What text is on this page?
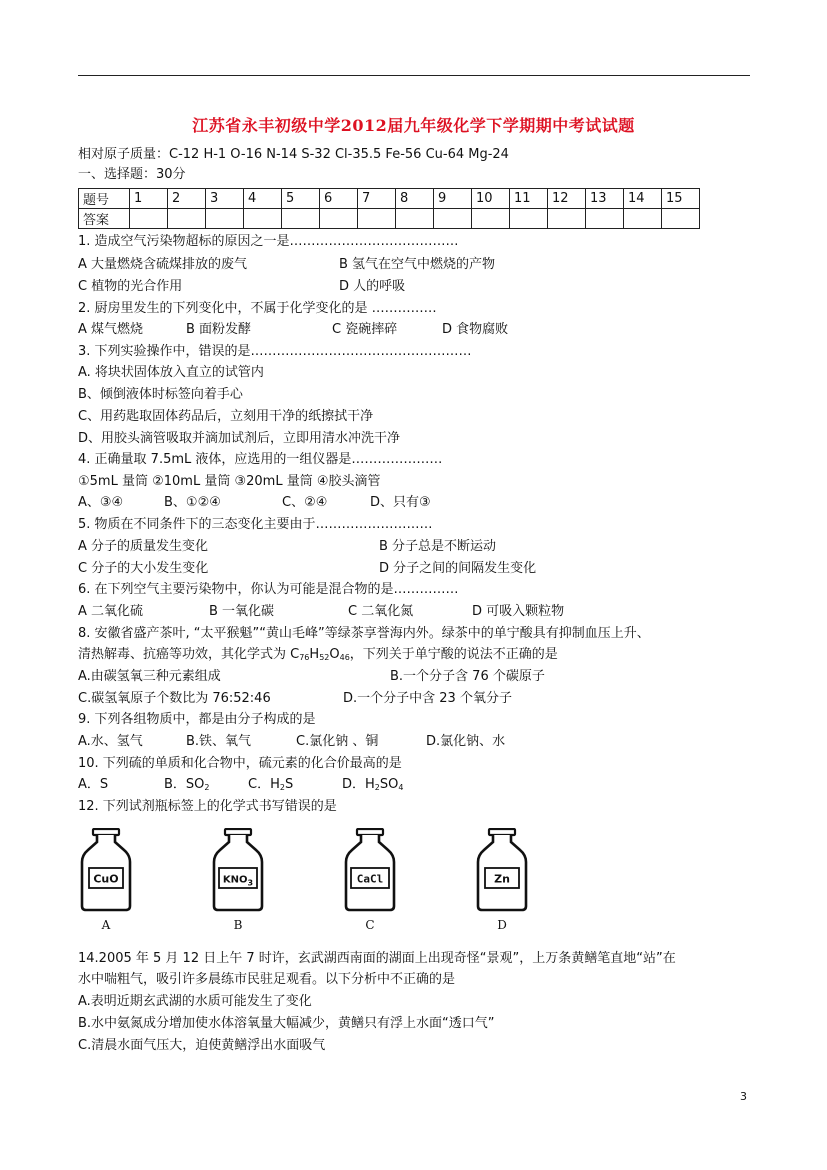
江苏省永丰初级中学2012届九年级化学下学期期中考试试题
相对原子质量：C-12 H-1 O-16 N-14 S-32 Cl-35.5 Fe-56 Cu-64 Mg-24
一、选择题：30分
题号	1	2	3	4	5	6	7	8	9	10	11	12	13	14	15
答案															
1. 造成空气污染物超标的原因之一是…………………………………
A 大量燃烧含硫煤排放的废气	B 氢气在空气中燃烧的产物
C 植物的光合作用	D 人的呼吸
2. 厨房里发生的下列变化中，不属于化学变化的是 ……………
A 煤气燃烧	B 面粉发酵	C 瓷碗摔碎	D 食物腐败
3. 下列实验操作中，错误的是……………………………………………
A. 将块状固体放入直立的试管内
B、倾倒液体时标签向着手心
C、用药匙取固体药品后，立刻用干净的纸擦拭干净
D、用胶头滴管吸取并滴加试剂后，立即用清水冲洗干净
4. 正确量取 7.5mL 液体，应选用的一组仪器是…………………
①5mL 量筒 ②10mL 量筒 ③20mL 量筒 ④胶头滴管
A、③④	B、①②④	C、②④	D、只有③
5. 物质在不同条件下的三态变化主要由于………………………
A 分子的质量发生变化	B 分子总是不断运动
C 分子的大小发生变化	D 分子之间的间隔发生变化
6. 在下列空气主要污染物中，你认为可能是混合物的是……………
A 二氧化硫	B 一氧化碳	C 二氧化氮	D 可吸入颗粒物
8. 安徽省盛产茶叶, “太平猴魁”“黄山毛峰”等绿茶享誉海内外。绿茶中的单宁酸具有抑制血压上升、
清热解毒、抗癌等功效，其化学式为 $C_{76}H_{52}O_{46}$，下列关于单宁酸的说法不正确的是
A.由碳氢氧三种元素组成	B.一个分子含 76 个碳原子
C.碳氢氧原子个数比为 76:52:46	D.一个分子中含 23 个氧分子
9. 下列各组物质中，都是由分子构成的是
A.水、氢气	B.铁、氧气	C.氯化钠 、铜	D.氯化钠、水
10. 下列硫的单质和化合物中，硫元素的化合价最高的是
A．S	B．$SO_2$	C．$H_2S$	D．$H_2SO_4$
12. 下列试剂瓶标签上的化学式书写错误的是
CuO
A
$KNO_3$
B
CaCl
C
Zn
D
14.2005 年 5 月 12 日上午 7 时许，玄武湖西南面的湖面上出现奇怪“景观”，上万条黄鳝笔直地“站”在
水中喘粗气，吸引许多晨练市民驻足观看。以下分析中不正确的是
A.表明近期玄武湖的水质可能发生了变化
B.水中氨氮成分增加使水体溶氧量大幅减少，黄鳝只有浮上水面“透口气”
C.清晨水面气压大，迫使黄鳝浮出水面吸气
3
